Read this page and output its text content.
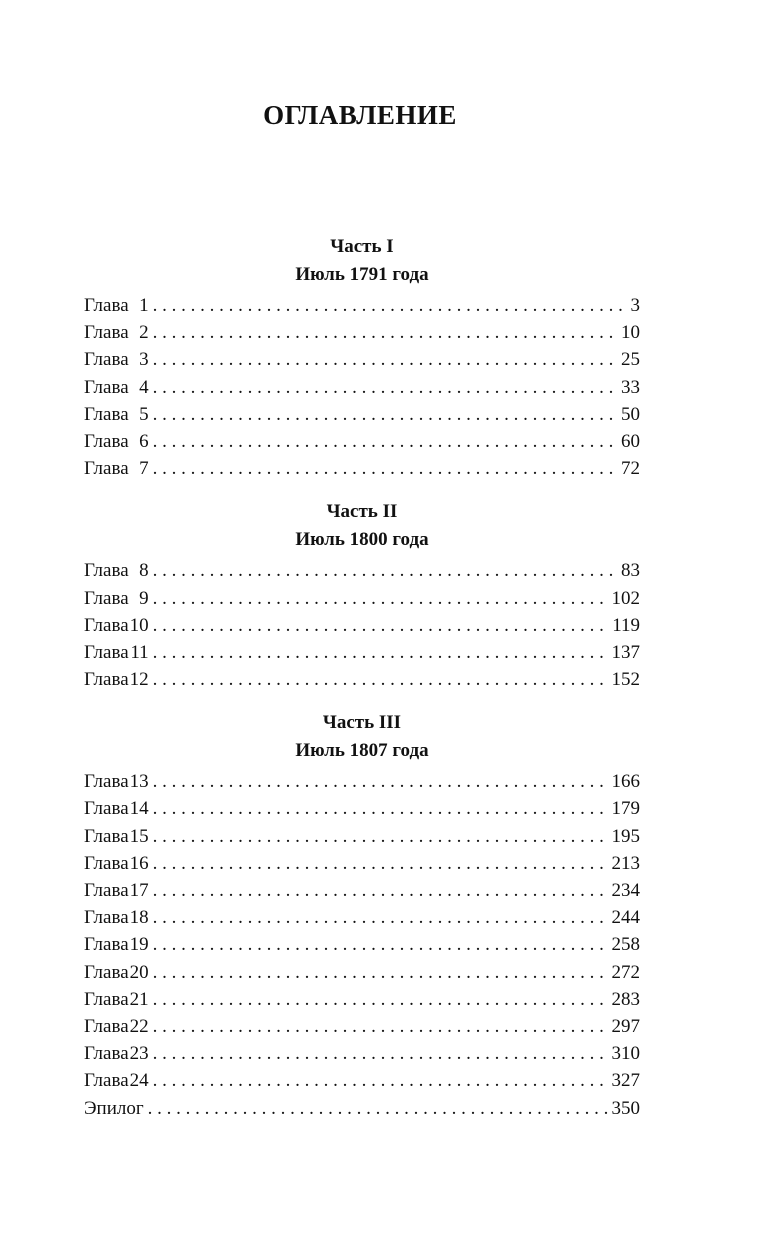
ОГЛАВЛЕНИЕ
Часть I
Июль 1791 года
Глава 1 . . .	3
Глава 2 . . .	10
Глава 3 . . .	25
Глава 4 . . .	33
Глава 5 . . .	50
Глава 6 . . .	60
Глава 7 . . .	72
Часть II
Июль 1800 года
Глава 8 . . .	83
Глава 9 . . .	102
Глава 10 . . .	119
Глава 11 . . .	137
Глава 12 . . .	152
Часть III
Июль 1807 года
Глава 13 . . .	166
Глава 14 . . .	179
Глава 15 . . .	195
Глава 16 . . .	213
Глава 17 . . .	234
Глава 18 . . .	244
Глава 19 . . .	258
Глава 20 . . .	272
Глава 21 . . .	283
Глава 22 . . .	297
Глава 23 . . .	310
Глава 24 . . .	327
Эпилог . . .	350
